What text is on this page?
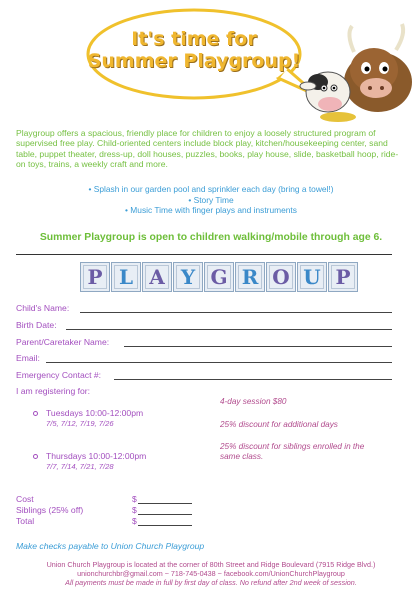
It's time for
Summer Playgroup!
Playgroup offers a spacious, friendly place for children to enjoy a loosely structured program of supervised free play. Child-oriented centers include block play, kitchen/housekeeping center, sand table, puppet theater, dress-up, doll houses, puzzles, books, play house, slide, basketball hoop, ride-on toys, trains, a weekly craft and more.
• Splash in our garden pool and sprinkler each day (bring a towel!)
• Story Time
• Music Time with finger plays and instruments
Summer Playgroup is open to children walking/mobile through age 6.
P L A Y G R O U P
Child's Name:
Birth Date:
Parent/Caretaker Name:
Email:
Emergency Contact #:
I am registering for:
Tuesdays 10:00-12:00pm
7/5, 7/12, 7/19, 7/26
Thursdays 10:00-12:00pm
7/7, 7/14, 7/21, 7/28
4-day session $80
25% discount for additional days
25% discount for siblings enrolled in the
same class.
Cost	$
Siblings (25% off)	$
Total	$
Make checks payable to Union Church Playgroup
Union Church Playgroup is located at the corner of 80th Street and Ridge Boulevard (7915 Ridge Blvd.)
unionchurchbr@gmail.com ~ 718-745-0438 ~ facebook.com/UnionChurchPlaygroup
All payments must be made in full by first day of class. No refund after 2nd week of session.
